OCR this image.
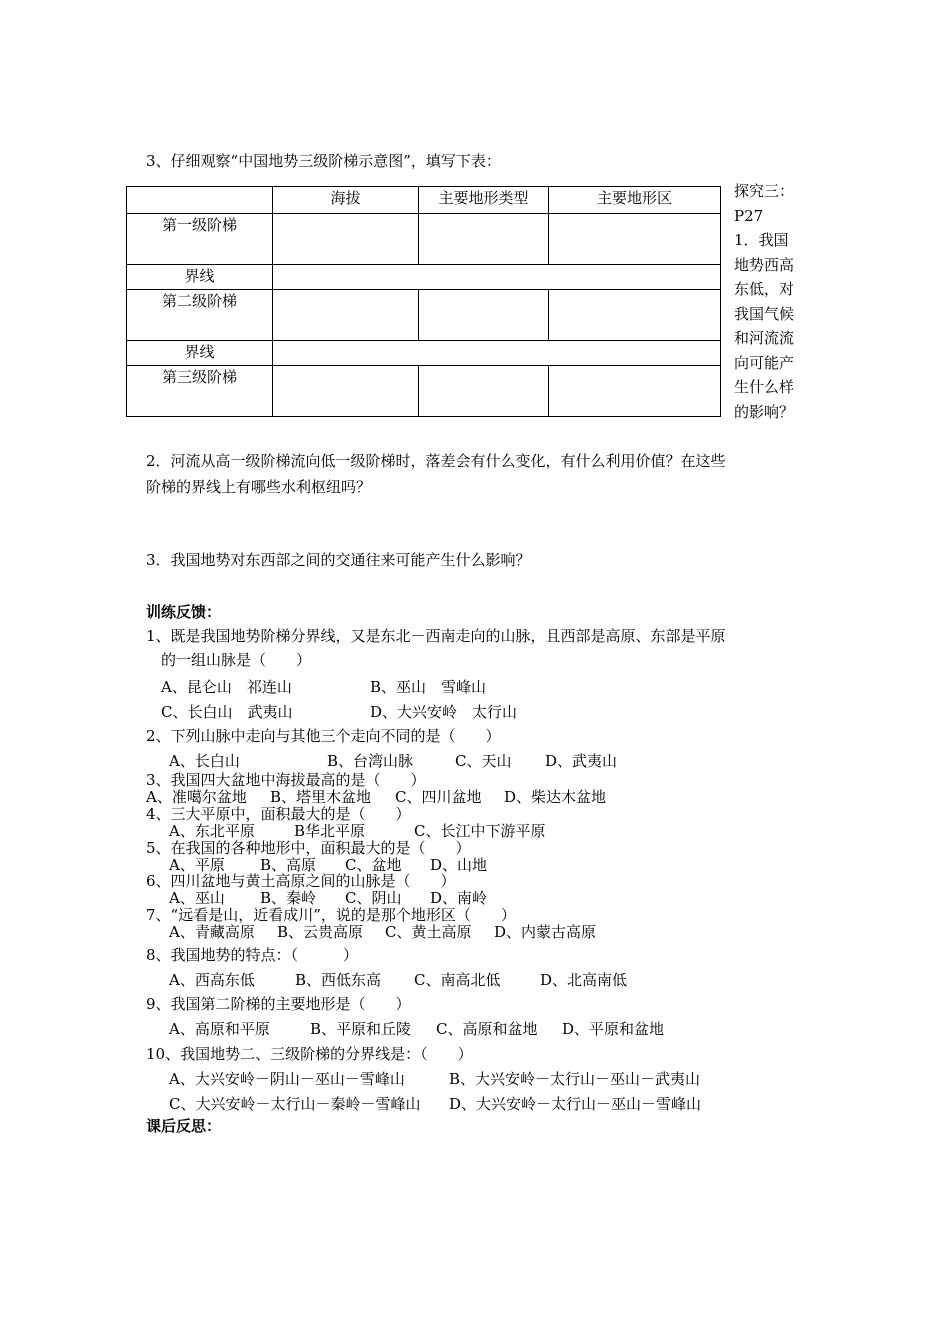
3、仔细观察“中国地势三级阶梯示意图”，填写下表：
	海拔	主要地形类型	主要地形区
第一级阶梯			
界线			
第二级阶梯			
界线			
第三级阶梯			
探究三：
P27
1．我国
地势西高
东低，对
我国气候
和河流流
向可能产
生什么样
的影响？
2．河流从高一级阶梯流向低一级阶梯时，落差会有什么变化，有什么利用价值？在这些
阶梯的界线上有哪些水利枢纽吗？
3．我国地势对东西部之间的交通往来可能产生什么影响？
训练反馈：
1、既是我国地势阶梯分界线，又是东北－西南走向的山脉，且西部是高原、东部是平原
的一组山脉是（　　）
A、昆仑山　祁连山	B、巫山　雪峰山
C、长白山　武夷山	D、大兴安岭　太行山
2、下列山脉中走向与其他三个走向不同的是（　　）
A、长白山	B、台湾山脉	C、天山 D、武夷山
3、我国四大盆地中海拔最高的是（　　）
A、准噶尔盆地 B、塔里木盆地 C、四川盆地 D、柴达木盆地
4、三大平原中，面积最大的是（　　）
A、东北平原	B华北平原	C、长江中下游平原
5、在我国的各种地形中，面积最大的是（　　）
A、平原 B、高原 C、盆地 D、山地
6、四川盆地与黄土高原之间的山脉是（　　）
A、巫山 B、秦岭 C、阴山 D、南岭
7、“远看是山，近看成川”，说的是那个地形区（　　）
A、青藏高原 B、云贵高原 C、黄土高原 D、内蒙古高原
8、我国地势的特点：（　　　）
A、西高东低	B、西低东高 C、南高北低	D、北高南低
9、我国第二阶梯的主要地形是（　　）
A、高原和平原	B、平原和丘陵 C、高原和盆地 D、平原和盆地
10、我国地势二、三级阶梯的分界线是：（　　）
A、大兴安岭－阴山－巫山－雪峰山	B、大兴安岭－太行山－巫山－武夷山
C、大兴安岭－太行山－秦岭－雪峰山 D、大兴安岭－太行山－巫山－雪峰山
课后反思：
